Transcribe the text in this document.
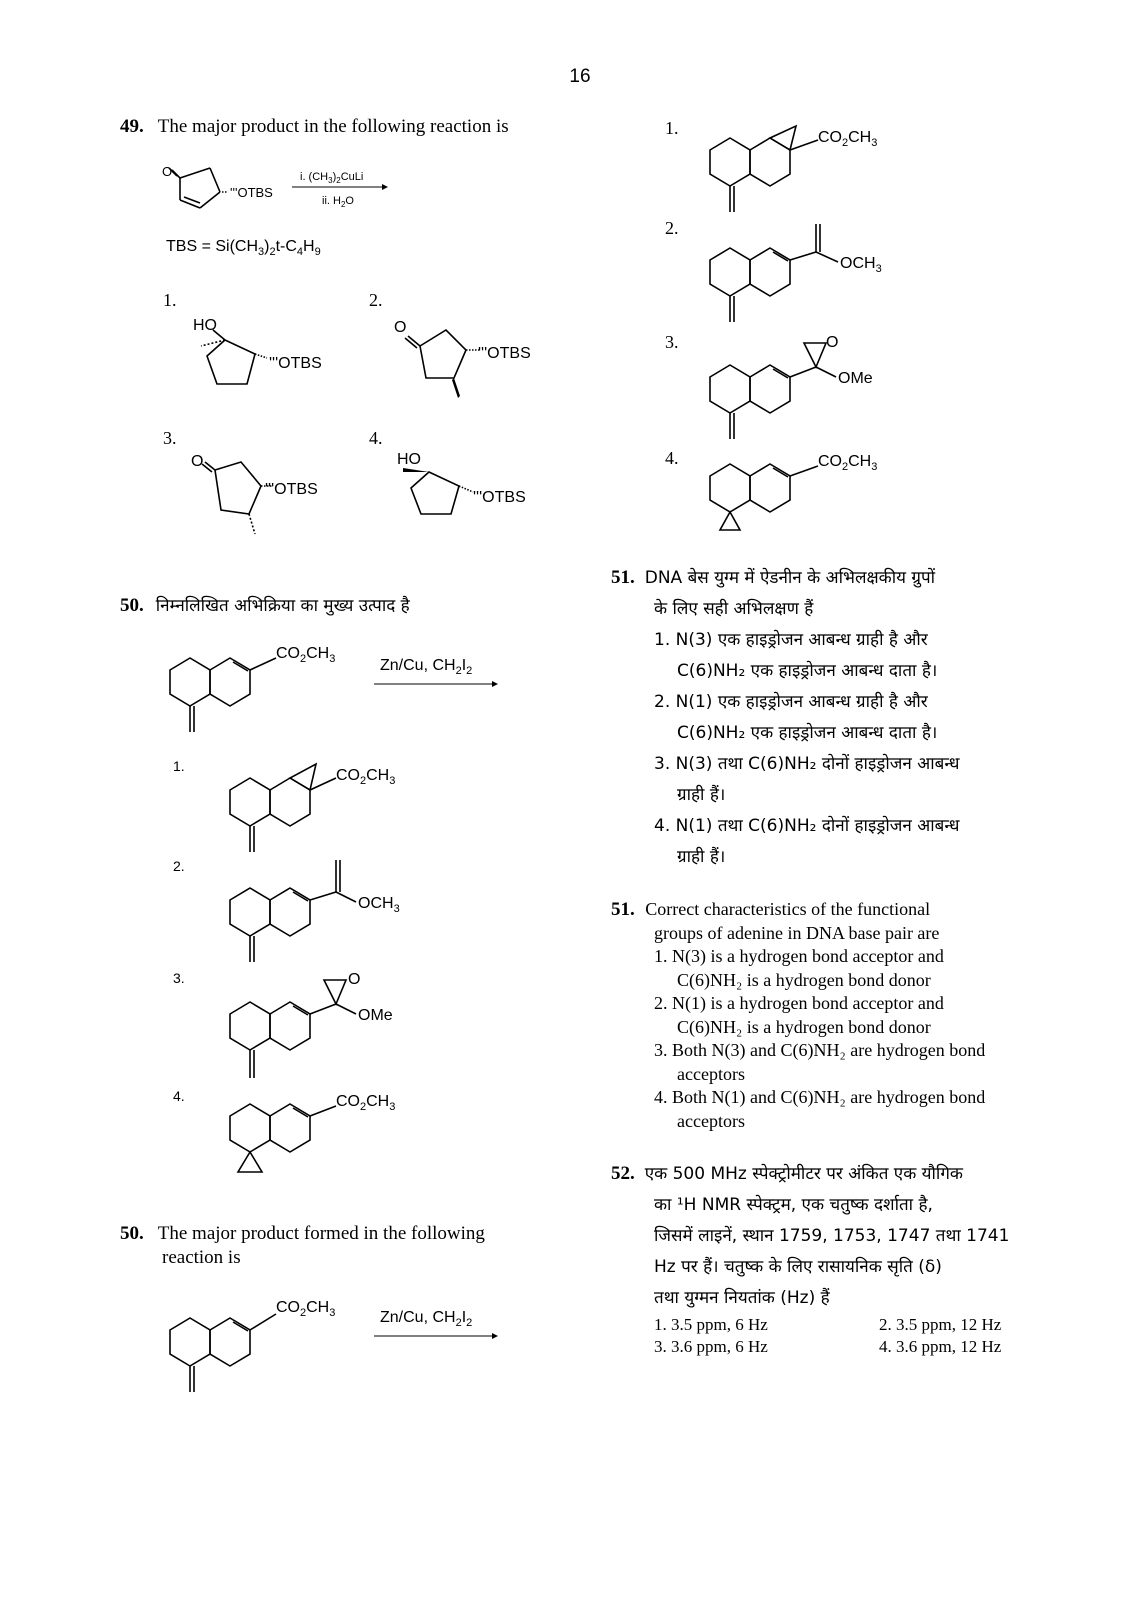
16
49. The major product in the following reaction is
O
'''OTBS
i. $(CH_3)_2CuLi$
ii. $H_2O$
TBS = $Si(CH_3)_2t-C_4H_9$
1.
HO
'''OTBS
2.
O
'''OTBS
3.
O
'''OTBS
4.
HO
'''OTBS
1.	$CO_2CH_3$
2.
$OCH_3$
3.	O
OMe
4.	$CO_2CH_3$
50. निम्नलिखित अभिक्रिया का मुख्य उत्पाद है
$CO_2CH_3$	Zn/Cu, $CH_2I_2$
1.
$CO_2CH_3$
2.
$OCH_3$
3.	O
OMe
4.	$CO_2CH_3$
50. The major product formed in the following
reaction is
$CO_2CH_3$	Zn/Cu, $CH_2I_2$
51. DNA बेस युग्म में ऐडनीन के अभिलक्षकीय ग्रुपों
के लिए सही अभिलक्षण हैं
1. N(3) एक हाइड्रोजन आबन्ध ग्राही है और
C(6)NH₂ एक हाइड्रोजन आबन्ध दाता है।
2. N(1) एक हाइड्रोजन आबन्ध ग्राही है और
C(6)NH₂ एक हाइड्रोजन आबन्ध दाता है।
3. N(3) तथा C(6)NH₂ दोनों हाइड्रोजन आबन्ध
ग्राही हैं।
4. N(1) तथा C(6)NH₂ दोनों हाइड्रोजन आबन्ध
ग्राही हैं।
51. Correct characteristics of the functional
groups of adenine in DNA base pair are
1. N(3) is a hydrogen bond acceptor and
C(6)NH₂ is a hydrogen bond donor
2. N(1) is a hydrogen bond acceptor and
C(6)NH₂ is a hydrogen bond donor
3. Both N(3) and C(6)NH₂ are hydrogen bond
acceptors
4. Both N(1) and C(6)NH₂ are hydrogen bond
acceptors
52. एक 500 MHz स्पेक्ट्रोमीटर पर अंकित एक यौगिक
का ¹H NMR स्पेक्ट्रम, एक चतुष्क दर्शाता है,
जिसमें लाइनें, स्थान 1759, 1753, 1747 तथा 1741
Hz पर हैं। चतुष्क के लिए रासायनिक सृति (δ)
तथा युग्मन नियतांक (Hz) हैं
1. 3.5 ppm, 6 Hz	2. 3.5 ppm, 12 Hz
3. 3.6 ppm, 6 Hz	4. 3.6 ppm, 12 Hz
